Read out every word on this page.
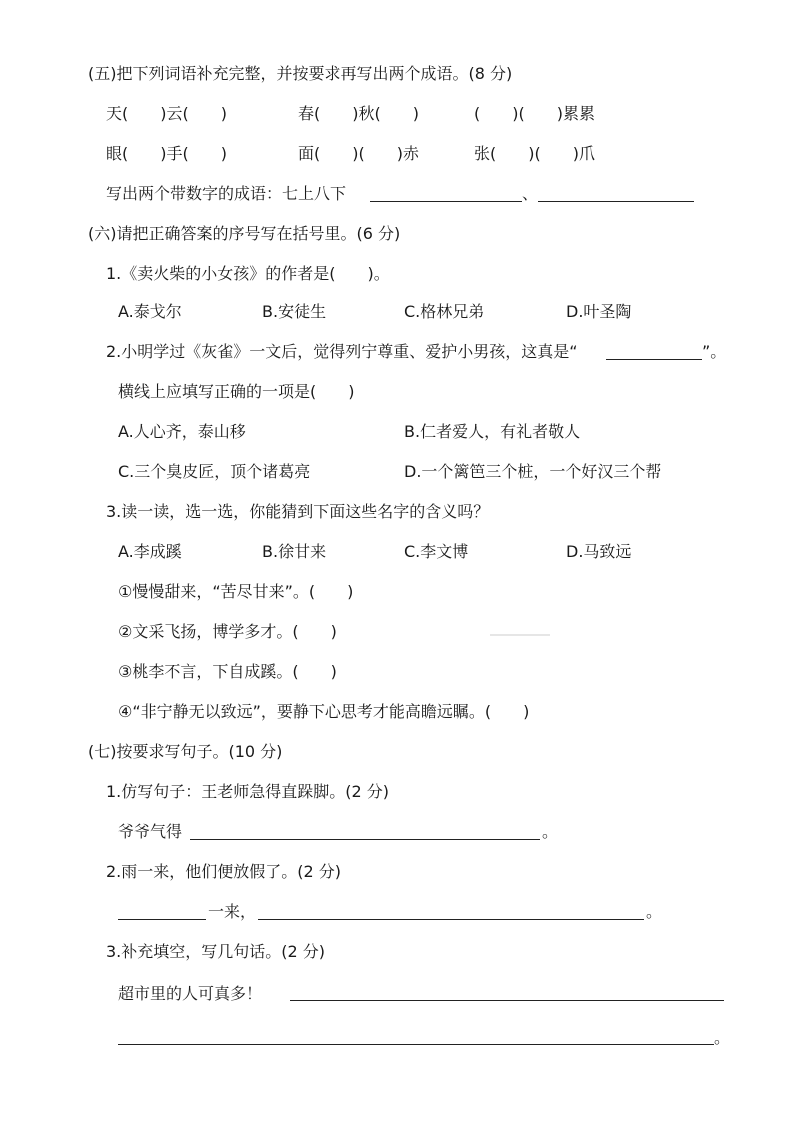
(五)把下列词语补充完整，并按要求再写出两个成语。(8 分)
天(　　)云(　　)	春(　　)秋(　　)	(　　)(　　)累累
眼(　　)手(　　)	面(　　)(　　)赤	张(　　)(　　)爪
写出两个带数字的成语：七上八下	、
(六)请把正确答案的序号写在括号里。(6 分)
1.《卖火柴的小女孩》的作者是(　　)。
A.泰戈尔	B.安徒生	C.格林兄弟	D.叶圣陶
2.小明学过《灰雀》一文后，觉得列宁尊重、爱护小男孩，这真是“	”。
横线上应填写正确的一项是(　　)
A.人心齐，泰山移	B.仁者爱人，有礼者敬人
C.三个臭皮匠，顶个诸葛亮	D.一个篱笆三个桩，一个好汉三个帮
3.读一读，选一选，你能猜到下面这些名字的含义吗？
A.李成蹊	B.徐甘来	C.李文博	D.马致远
①慢慢甜来，“苦尽甘来”。(　　)
②文采飞扬，博学多才。(　　)
③桃李不言，下自成蹊。(　　)
④“非宁静无以致远”，要静下心思考才能高瞻远瞩。(　　)
(七)按要求写句子。(10 分)
1.仿写句子：王老师急得直跺脚。(2 分)
爷爷气得	。
2.雨一来，他们便放假了。(2 分)
一来，	。
3.补充填空，写几句话。(2 分)
超市里的人可真多！
。
